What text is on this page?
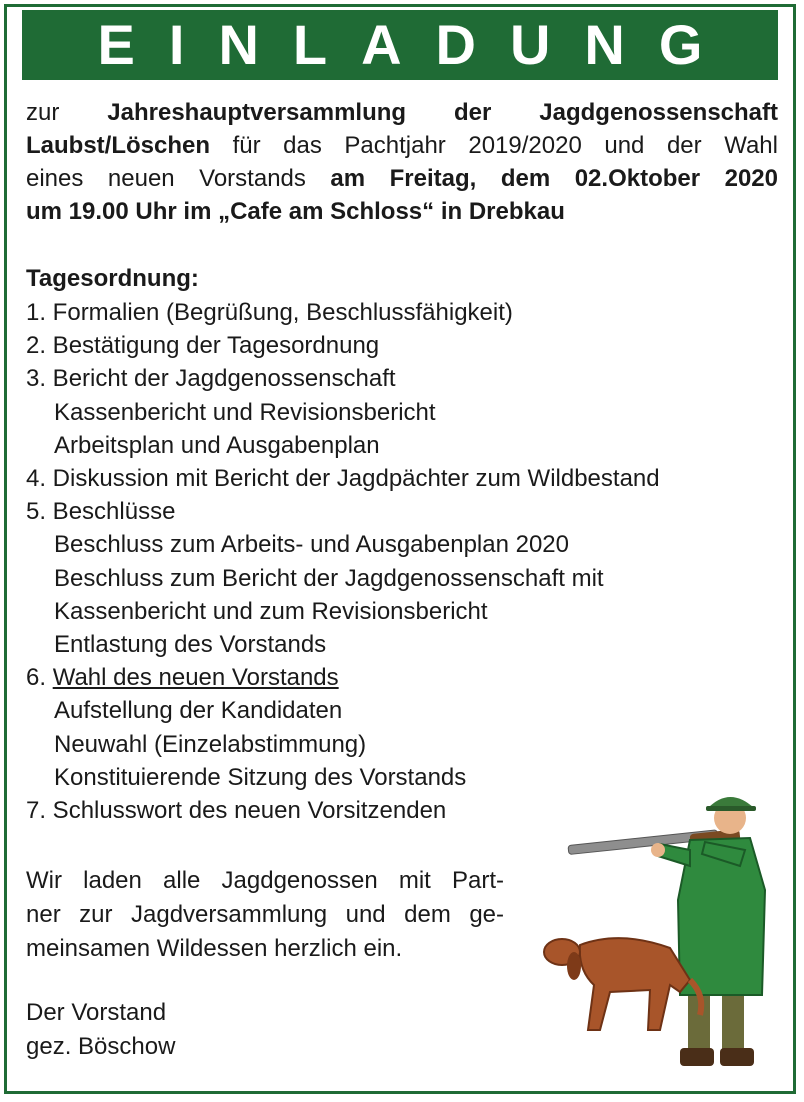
EINLADUNG
zur Jahreshauptversammlung der Jagdgenossenschaft
Laubst/Löschen für das Pachtjahr 2019/2020 und der Wahl
eines neuen Vorstands am Freitag, dem 02.Oktober 2020
um 19.00 Uhr im „Cafe am Schloss“ in Drebkau
Tagesordnung:
1. Formalien (Begrüßung, Beschlussfähigkeit)
2. Bestätigung der Tagesordnung
3. Bericht der Jagdgenossenschaft
Kassenbericht und Revisionsbericht
Arbeitsplan und Ausgabenplan
4. Diskussion mit Bericht der Jagdpächter zum Wildbestand
5. Beschlüsse
Beschluss zum Arbeits- und Ausgabenplan 2020
Beschluss zum Bericht der Jagdgenossenschaft mit
Kassenbericht und zum Revisionsbericht
Entlastung des Vorstands
6. Wahl des neuen Vorstands
Aufstellung der Kandidaten
Neuwahl (Einzelabstimmung)
Konstituierende Sitzung des Vorstands
7. Schlusswort des neuen Vorsitzenden
Wir laden alle Jagdgenossen mit Part-
ner zur Jagdversammlung und dem ge-
meinsamen Wildessen herzlich ein.
Der Vorstand
gez. Böschow
